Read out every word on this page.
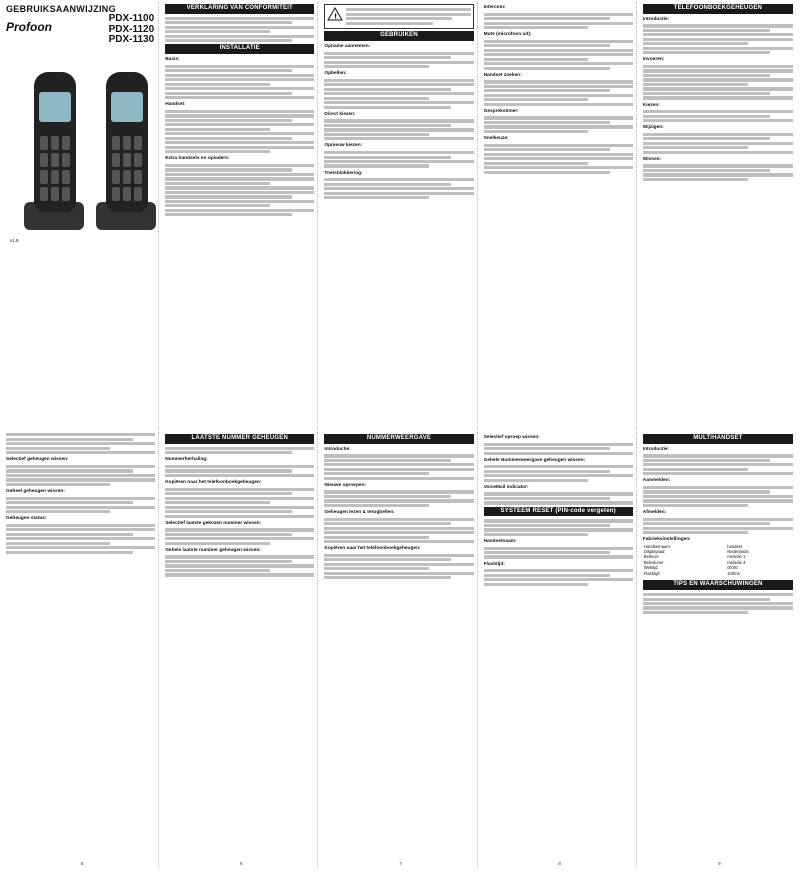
GEBRUIKSAANWIJZING
Profoon
PDX-1100
PDX-1120
PDX-1130
v1.8
VERKLARING VAN CONFORMITEIT
INSTALLATIE
Basis:
Handset:
Extra handsets en opladers:
!
GEBRUIKEN
Opname aannemen:
Opbellen:
Direct kiezen:
Opnieuw kiezen:
Toetsblokkering:
Intercom:
Mute (microfoon uit):
Handset zoeken:
Gesprekstimer:
Snelkeuze:
TELEFOONBOEKGEHEUGEN
Introductie:
Invoeren:
Kiezen:
Wijzigen:
Wissen:
Selectief geheugen wissen:
Geheel geheugen wissen:
Geheugen status:
5
LAATSTE NUMMER GEHEUGEN
Nummerherhaling:
Kopiëren naar het telefoonboekgeheugen:
Selectief laatste gekozen nummer wissen:
Gehele laatste nummer geheugen wissen:
6
NUMMERWEERGAVE
Introductie:
Nieuwe oproepen:
Geheugen lezen & terugbellen:
Kopiëren naar het telefoonboekgeheugen:
7
Selectief oproep wissen:
Gehele Nummerweergave geheugen wissen:
VoiceMail indicator:
SYSTEEM RESET (PIN-code vergeten)
Handsetnaam:
Flashtijd:
8
MULTIHANDSET
Introductie:
Aanmelden:
Afmelden:
Fabrieksinstellingen:
Handsetnaam:	handset
Displaytaal:	Nederlands
Beltoon:	melodie 1
Belvolume:	melodie 3
Wektijd:	00:00
Flashtijd:	100ms
TIPS EN WAARSCHUWINGEN
9
